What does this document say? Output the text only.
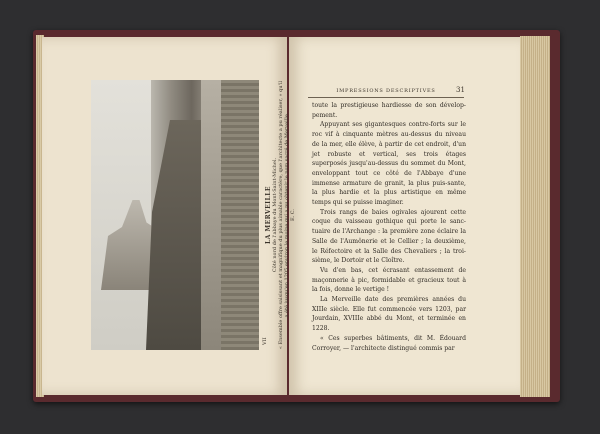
LA MERVEILLE Côté nord de l'abbaye du Mont-Saint-Michel. « Ensemble offre saisissant et magnifique du plus aimable caractère, que l'architecte a pu réaliser, » qu'il a été jusqu'en 1205 environ le moine qui a pu obtenir le nom sacré de Merveille. E. C.
VII
IMPRESSIONS DESCRIPTIVES	31

toute la prestigieuse hardiesse de son dévelop-pement.

Appuyant ses gigantesques contre-forts sur le roc vif à cinquante mètres au-dessus du niveau de la mer, elle élève, à partir de cet endroit, d'un jet robuste et vertical, ses trois étages superposés jusqu'au-dessus du sommet du Mont, enveloppant tout ce côté de l'Abbaye d'une immense armature de granit, la plus puis-sante, la plus hardie et la plus artistique en même temps qui se puisse imaginer.

Trois rangs de baies ogivales ajourent cette coque du vaisseau gothique qui porte le sanc-tuaire de l'Archange : la première zone éclaire la Salle de l'Aumônerie et le Cellier ; la deuxième, le Réfectoire et la Salle des Chevaliers ; la troi-sième, le Dortoir et le Cloître.

Vu d'en bas, cet écrasant entassement de maçonnerie à pic, formidable et gracieux tout à la fois, donne le vertige !

La Merveille date des premières années du XIIIe siècle. Elle fut commencée vers 1203, par Jourdain, XVIIIe abbé du Mont, et terminée en 1228.

« Ces superbes bâtiments, dit M. Édouard Corroyer, — l'architecte distingué commis par
